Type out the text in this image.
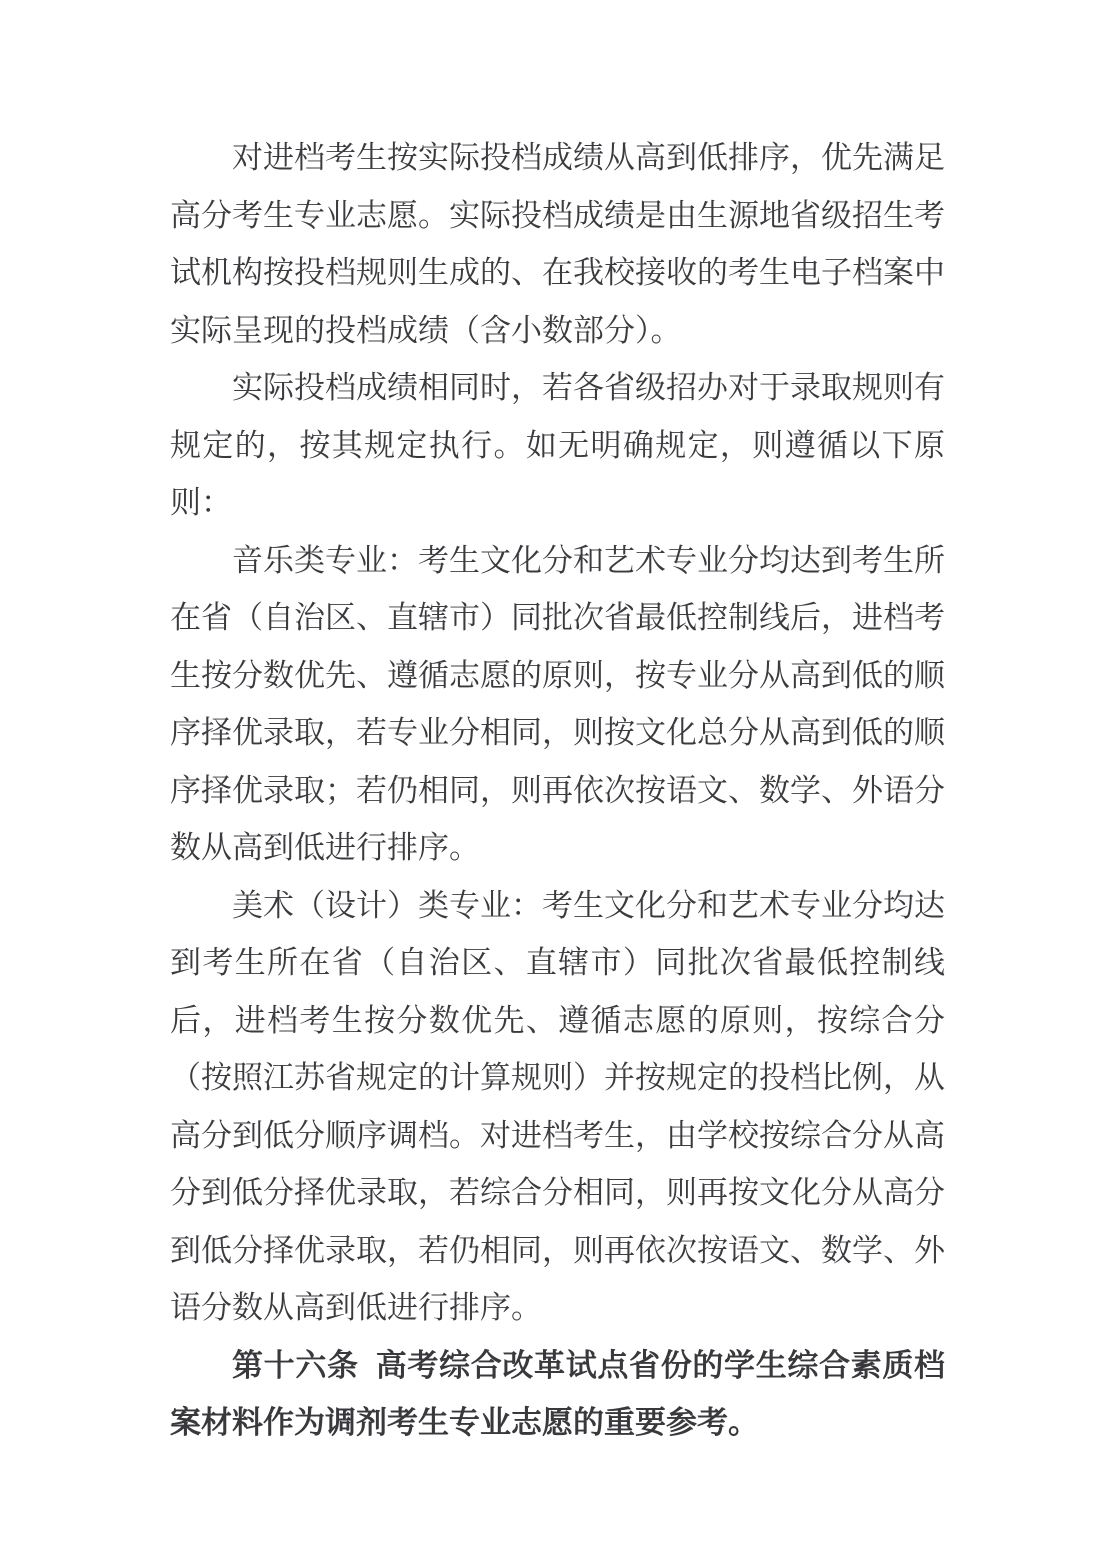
对进档考生按实际投档成绩从高到低排序，优先满足高分考生专业志愿。实际投档成绩是由生源地省级招生考试机构按投档规则生成的、在我校接收的考生电子档案中实际呈现的投档成绩（含小数部分）。

实际投档成绩相同时，若各省级招办对于录取规则有规定的，按其规定执行。如无明确规定，则遵循以下原则：

音乐类专业：考生文化分和艺术专业分均达到考生所在省（自治区、直辖市）同批次省最低控制线后，进档考生按分数优先、遵循志愿的原则，按专业分从高到低的顺序择优录取，若专业分相同，则按文化总分从高到低的顺序择优录取；若仍相同，则再依次按语文、数学、外语分数从高到低进行排序。

美术（设计）类专业：考生文化分和艺术专业分均达到考生所在省（自治区、直辖市）同批次省最低控制线后，进档考生按分数优先、遵循志愿的原则，按综合分（按照江苏省规定的计算规则）并按规定的投档比例，从高分到低分顺序调档。对进档考生，由学校按综合分从高分到低分择优录取，若综合分相同，则再按文化分从高分到低分择优录取，若仍相同，则再依次按语文、数学、外语分数从高到低进行排序。

第十六条 高考综合改革试点省份的学生综合素质档案材料作为调剂考生专业志愿的重要参考。
